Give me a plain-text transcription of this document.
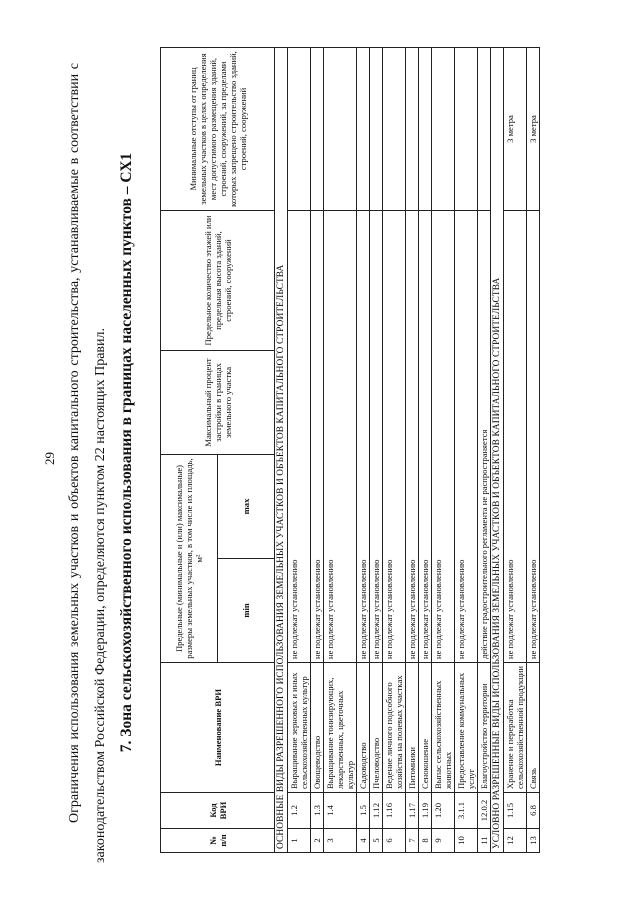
29 Ограничения использования земельных участков и объектов капитального строительства, устанавливаемые в соответствии с законодательством Российской Федерации, определяются пунктом 22 настоящих Правил. 7. Зона сельскохозяйственного использования в границах населенных пунктов – СХ1
№ п/п	Код ВРИ	Наименование ВРИ	Предельные (минимальные и (или) максимальные) размеры земельных участков, в том числе их площадь, м²		Максимальный процент застройки в границах земельного участка	Предельное количество этажей или предельная высота зданий, строений, сооружений	Минимальные отступы от границ земельных участков в целях определения мест допустимого размещения зданий, строений, сооружений, за пределами которых запрещено строительство зданий, строений, сооружений
			min	max			
ОСНОВНЫЕ ВИДЫ РАЗРЕШЕННОГО ИСПОЛЬЗОВАНИЯ ЗЕМЕЛЬНЫХ УЧАСТКОВ И ОБЪЕКТОВ КАПИТАЛЬНОГО СТРОИТЕЛЬСТВА							
1	1.2	Выращивание зерновых и иных сельскохозяйственных культур	не подлежат установлению				
2	1.3	Овощеводство	не подлежат установлению				
3	1.4	Выращивание тонизирующих, лекарственных, цветочных культур	не подлежат установлению				
4	1.5	Садоводство	не подлежат установлению				
5	1.12	Пчеловодство	не подлежат установлению				
6	1.16	Ведение личного подсобного хозяйства на полевых участках	не подлежат установлению				
7	1.17	Питомники	не подлежат установлению				
8	1.19	Сенокошение	не подлежат установлению				
9	1.20	Выпас сельскохозяйственных животных	не подлежат установлению				
10	3.1.1	Предоставление коммунальных услуг	не подлежат установлению				
11	12.0.2	Благоустройство территории	действие градостроительного регламента не распространяется				
УСЛОВНО РАЗРЕШЕННЫЕ ВИДЫ ИСПОЛЬЗОВАНИЯ ЗЕМЕЛЬНЫХ УЧАСТКОВ И ОБЪЕКТОВ КАПИТАЛЬНОГО СТРОИТЕЛЬСТВА							
12	1.15	Хранение и переработка сельскохозяйственной продукции	не подлежат установлению				3 метра
13	6.8	Связь	не подлежат установлению				3 метра
